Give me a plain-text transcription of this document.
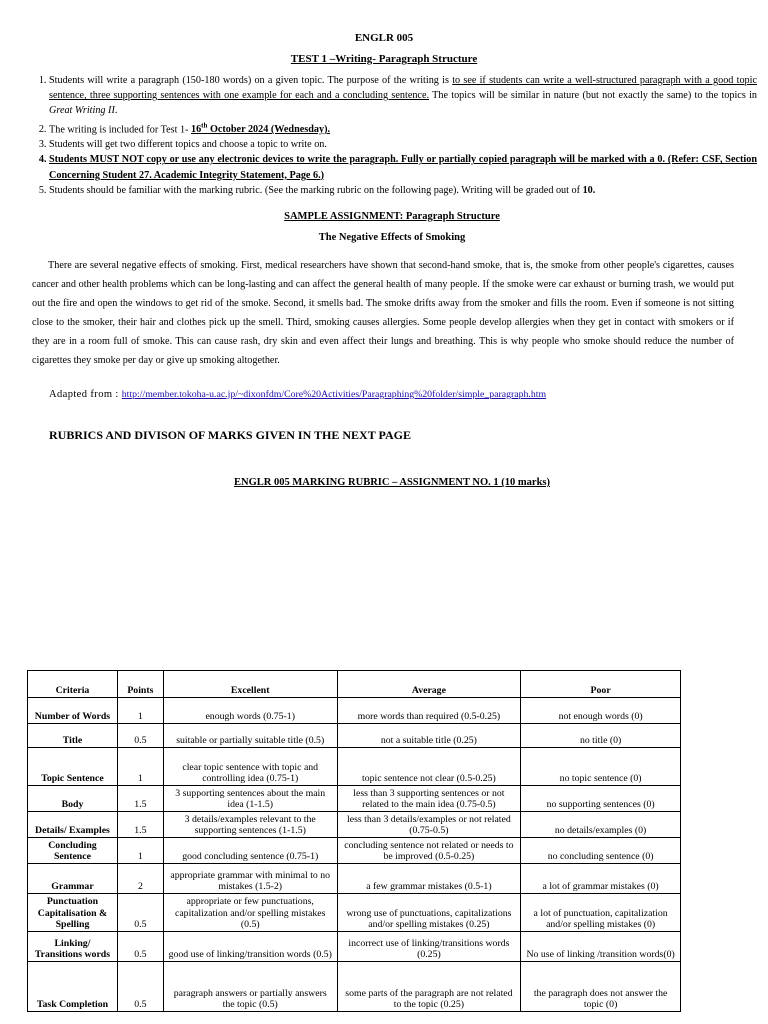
ENGLR 005
TEST 1 –Writing- Paragraph Structure
1. Students will write a paragraph (150-180 words) on a given topic. The purpose of the writing is to see if students can write a well-structured paragraph with a good topic sentence, three supporting sentences with one example for each and a concluding sentence. The topics will be similar in nature (but not exactly the same) to the topics in Great Writing II.
2. The writing is included for Test 1- 16th October 2024 (Wednesday).
3. Students will get two different topics and choose a topic to write on.
4. Students MUST NOT copy or use any electronic devices to write the paragraph. Fully or partially copied paragraph will be marked with a 0. (Refer: CSF, Section Concerning Student 27. Academic Integrity Statement, Page 6.)
5. Students should be familiar with the marking rubric. (See the marking rubric on the following page). Writing will be graded out of 10.
SAMPLE ASSIGNMENT: Paragraph Structure
The Negative Effects of Smoking

There are several negative effects of smoking. First, medical researchers have shown that second-hand smoke, that is, the smoke from other people's cigarettes, causes cancer and other health problems which can be long-lasting and can affect the general health of many people. If the smoke were car exhaust or burning trash, we would put out the fire and open the windows to get rid of the smoke. Second, it smells bad. The smoke drifts away from the smoker and fills the room. Even if someone is not sitting close to the smoker, their hair and clothes pick up the smell. Third, smoking causes allergies. Some people develop allergies when they get in contact with smokers or if they are in a room full of smoke. This can cause rash, dry skin and even affect their lungs and breathing. This is why people who smoke should reduce the number of cigarettes they smoke per day or give up smoking altogether.

Adapted from : http://member.tokoha-u.ac.jp/~dixonfdm/Core%20Activities/Paragraphing%20folder/simple_paragraph.htm
RUBRICS AND DIVISON OF MARKS GIVEN IN THE NEXT PAGE
ENGLR 005 MARKING RUBRIC – ASSIGNMENT NO. 1 (10 marks)
Criteria	Points	Excellent	Average	Poor
Number of Words	1	enough words (0.75-1)	more words than required (0.5-0.25)	not enough words (0)
Title	0.5	suitable or partially suitable title (0.5)	not a suitable title (0.25)	no title (0)
Topic Sentence	1	clear topic sentence with topic and controlling idea (0.75-1)	topic sentence not clear (0.5-0.25)	no topic sentence (0)
Body	1.5	3 supporting sentences about the main idea (1-1.5)	less than 3 supporting sentences or not related to the main idea (0.75-0.5)	no supporting sentences (0)
Details/ Examples	1.5	3 details/examples relevant to the supporting sentences (1-1.5)	less than 3 details/examples or not related (0.75-0.5)	no details/examples (0)
Concluding Sentence	1	good concluding sentence (0.75-1)	concluding sentence not related or needs to be improved (0.5-0.25)	no concluding sentence (0)
Grammar	2	appropriate grammar with minimal to no mistakes (1.5-2)	a few grammar mistakes (0.5-1)	a lot of grammar mistakes (0)
Punctuation Capitalisation & Spelling	0.5	appropriate or few punctuations, capitalization and/or spelling mistakes (0.5)	wrong use of punctuations, capitalizations and/or spelling mistakes (0.25)	a lot of punctuation, capitalization and/or spelling mistakes (0)
Linking/ Transitions words	0.5	good use of linking/transition words (0.5)	incorrect use of linking/transitions words (0.25)	No use of linking /transition words(0)
Task Completion	0.5	paragraph answers or partially answers the topic (0.5)	some parts of the paragraph are not related to the topic (0.25)	the paragraph does not answer the topic (0)
